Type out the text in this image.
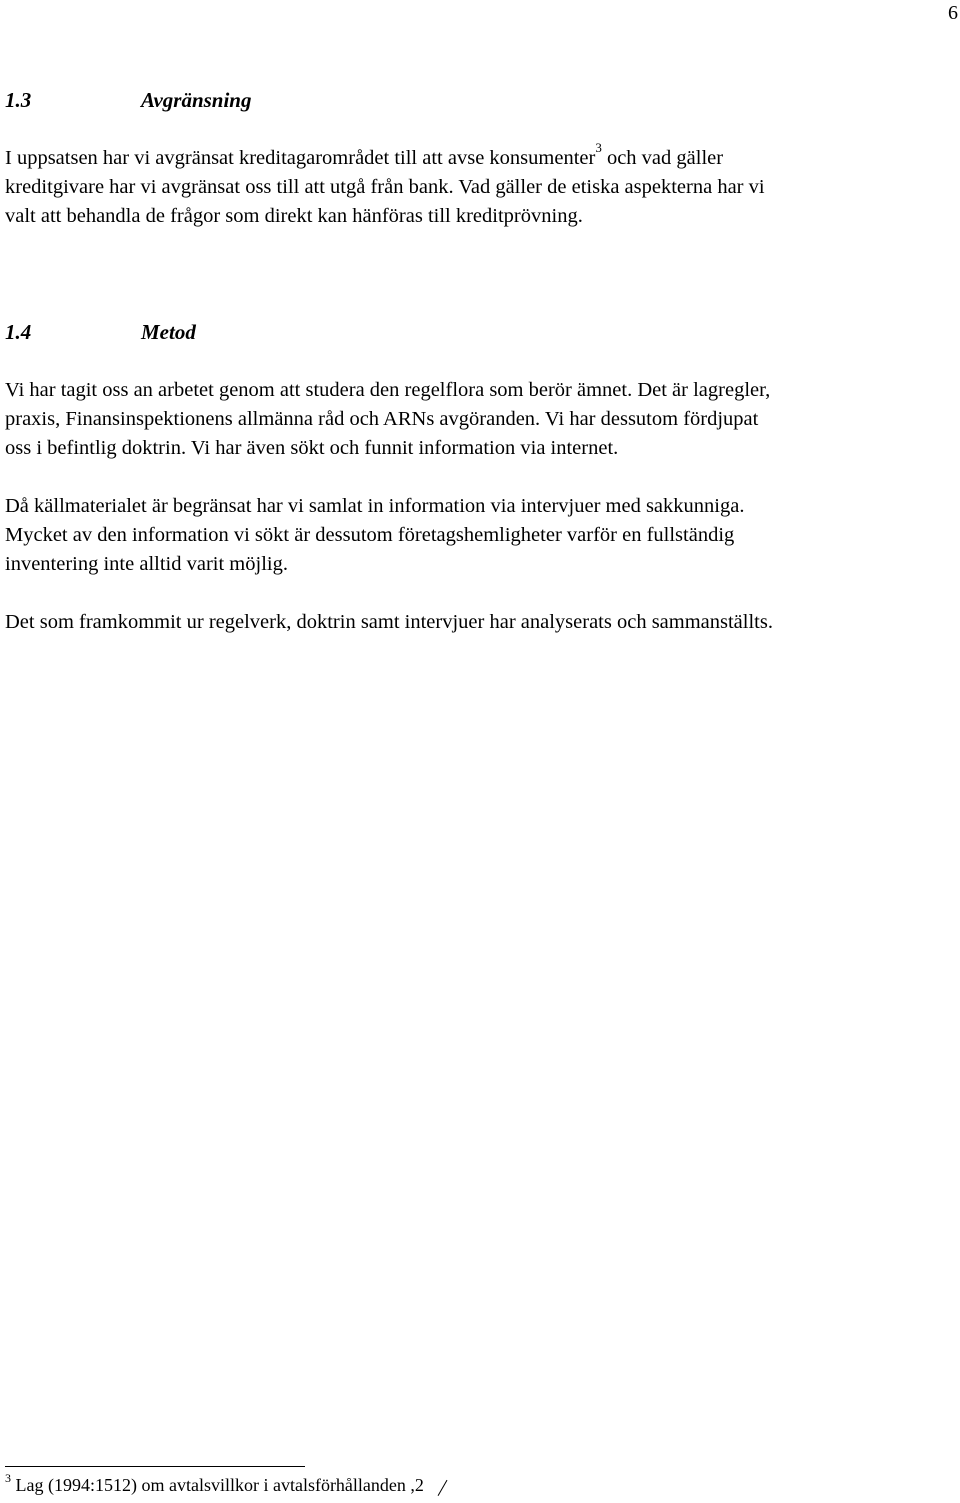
6
1.3	Avgränsning

I uppsatsen har vi avgränsat kreditagarområdet till att avse konsumenter$^3$ och vad gäller
kreditgivare har vi avgränsat oss till att utgå från bank. Vad gäller de etiska aspekterna har vi
valt att behandla de frågor som direkt kan hänföras till kreditprövning.

1.4	Metod

Vi har tagit oss an arbetet genom att studera den regelflora som berör ämnet. Det är lagregler,
praxis, Finansinspektionens allmänna råd och ARNs avgöranden. Vi har dessutom fördjupat
oss i befintlig doktrin. Vi har även sökt och funnit information via internet.

Då källmaterialet är begränsat har vi samlat in information via intervjuer med sakkunniga.
Mycket av den information vi sökt är dessutom företagshemligheter varför en fullständig
inventering inte alltid varit möjlig.

Det som framkommit ur regelverk, doktrin samt intervjuer har analyserats och sammanställts.

$^3$ Lag (1994:1512) om avtalsvillkor i avtalsförhållanden ,2
